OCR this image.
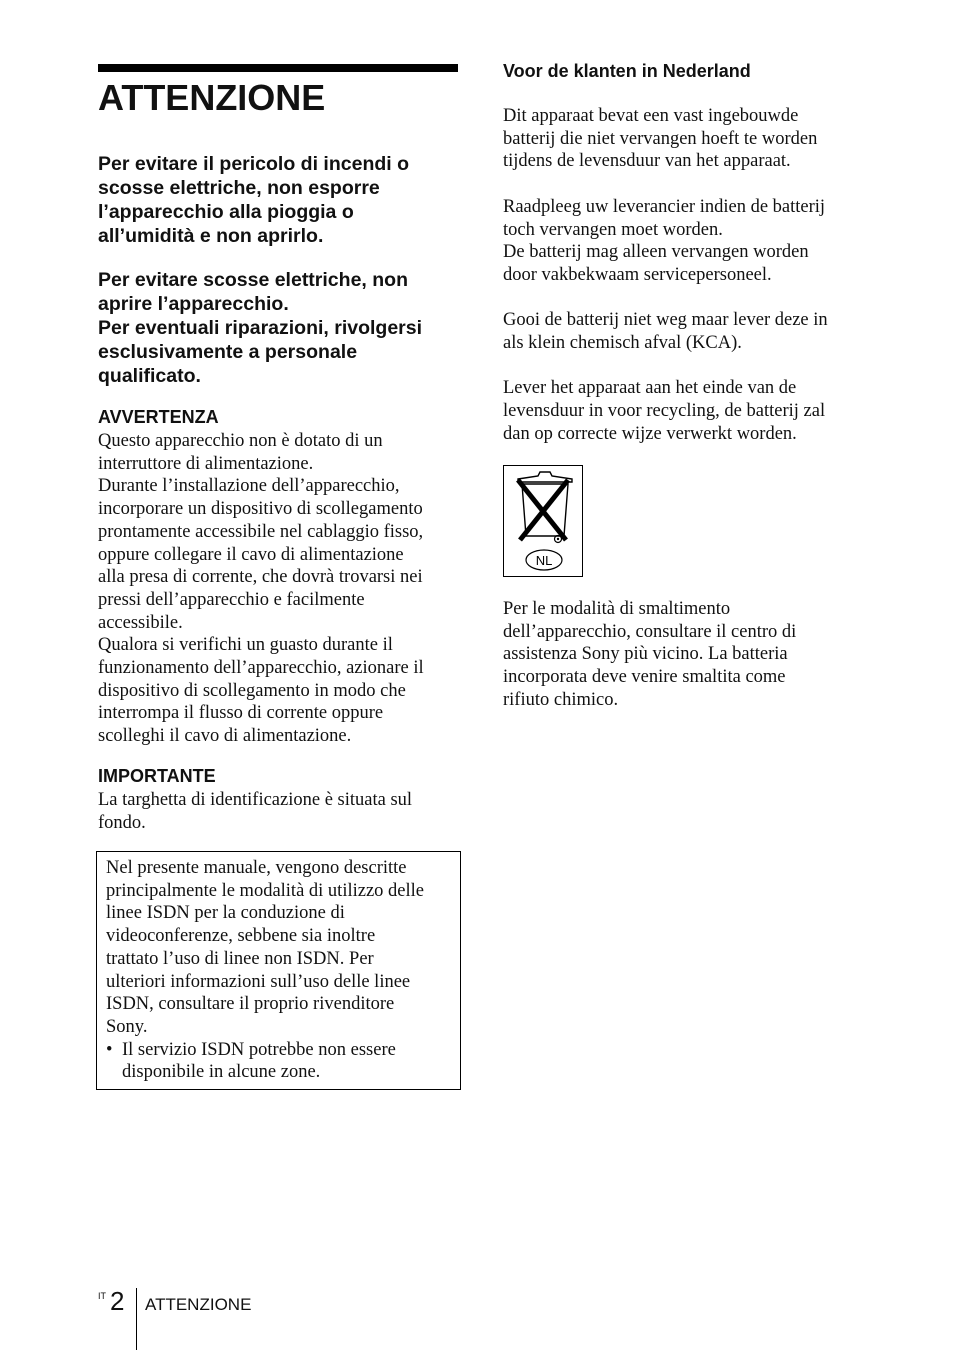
ATTENZIONE

Per evitare il pericolo di incendi o
scosse elettriche, non esporre
l’apparecchio alla pioggia o
all’umidità e non aprirlo.

Per evitare scosse elettriche, non
aprire l’apparecchio.
Per eventuali riparazioni, rivolgersi
esclusivamente a personale
qualificato.

AVVERTENZA

Questo apparecchio non è dotato di un
interruttore di alimentazione.
Durante l’installazione dell’apparecchio,
incorporare un dispositivo di scollegamento
prontamente accessibile nel cablaggio fisso,
oppure collegare il cavo di alimentazione
alla presa di corrente, che dovrà trovarsi nei
pressi dell’apparecchio e facilmente
accessibile.
Qualora si verifichi un guasto durante il
funzionamento dell’apparecchio, azionare il
dispositivo di scollegamento in modo che
interrompa il flusso di corrente oppure
scolleghi il cavo di alimentazione.

IMPORTANTE

La targhetta di identificazione è situata sul
fondo.

Nel presente manuale, vengono descritte
principalmente le modalità di utilizzo delle
linee ISDN per la conduzione di
videoconferenze, sebbene sia inoltre
trattato l’uso di linee non ISDN. Per
ulteriori informazioni sull’uso delle linee
ISDN, consultare il proprio rivenditore
Sony.
• Il servizio ISDN potrebbe non essere
disponibile in alcune zone.
Voor de klanten in Nederland

Dit apparaat bevat een vast ingebouwde
batterij die niet vervangen hoeft te worden
tijdens de levensduur van het apparaat.

Raadpleeg uw leverancier indien de batterij
toch vervangen moet worden.
De batterij mag alleen vervangen worden
door vakbekwaam servicepersoneel.

Gooi de batterij niet weg maar lever deze in
als klein chemisch afval (KCA).

Lever het apparaat aan het einde van de
levensduur in voor recycling, de batterij zal
dan op correcte wijze verwerkt worden.

NL

Per le modalità di smaltimento
dell’apparecchio, consultare il centro di
assistenza Sony più vicino. La batteria
incorporata deve venire smaltita come
rifiuto chimico.

IT 2 ATTENZIONE
